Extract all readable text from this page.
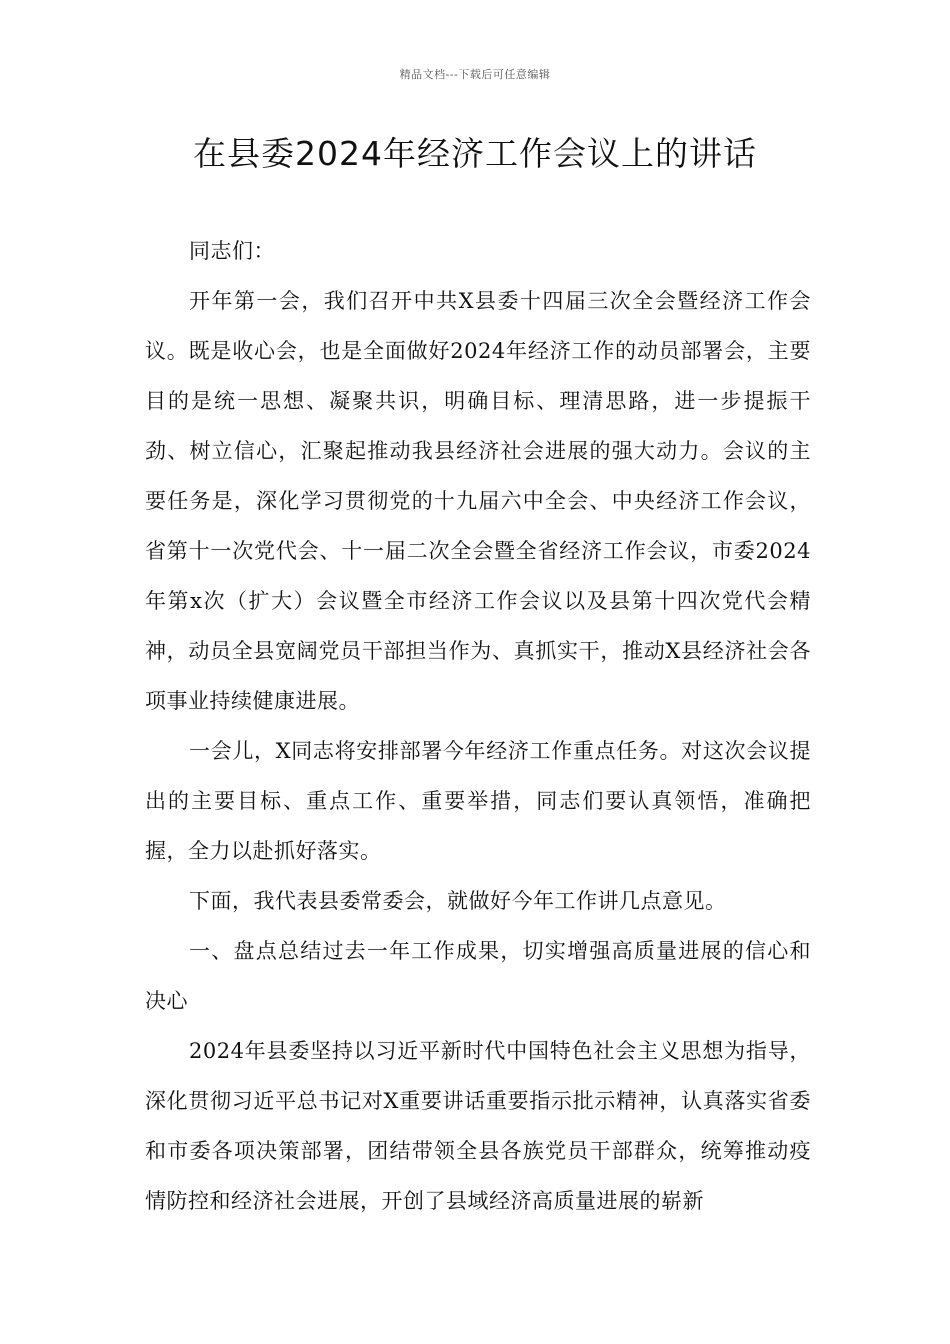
精品文档---下载后可任意编辑
在县委2024年经济工作会议上的讲话

同志们：

开年第一会，我们召开中共X县委十四届三次全会暨经济工作会议。既是收心会，也是全面做好2024年经济工作的动员部署会，主要目的是统一思想、凝聚共识，明确目标、理清思路，进一步提振干劲、树立信心，汇聚起推动我县经济社会进展的强大动力。会议的主要任务是，深化学习贯彻党的十九届六中全会、中央经济工作会议，省第十一次党代会、十一届二次全会暨全省经济工作会议，市委2024年第x次（扩大）会议暨全市经济工作会议以及县第十四次党代会精神，动员全县宽阔党员干部担当作为、真抓实干，推动X县经济社会各项事业持续健康进展。

一会儿，X同志将安排部署今年经济工作重点任务。对这次会议提出的主要目标、重点工作、重要举措，同志们要认真领悟，准确把握，全力以赴抓好落实。

下面，我代表县委常委会，就做好今年工作讲几点意见。

一、盘点总结过去一年工作成果，切实增强高质量进展的信心和决心

2024年县委坚持以习近平新时代中国特色社会主义思想为指导，深化贯彻习近平总书记对X重要讲话重要指示批示精神，认真落实省委和市委各项决策部署，团结带领全县各族党员干部群众，统筹推动疫情防控和经济社会进展，开创了县域经济高质量进展的崭新
